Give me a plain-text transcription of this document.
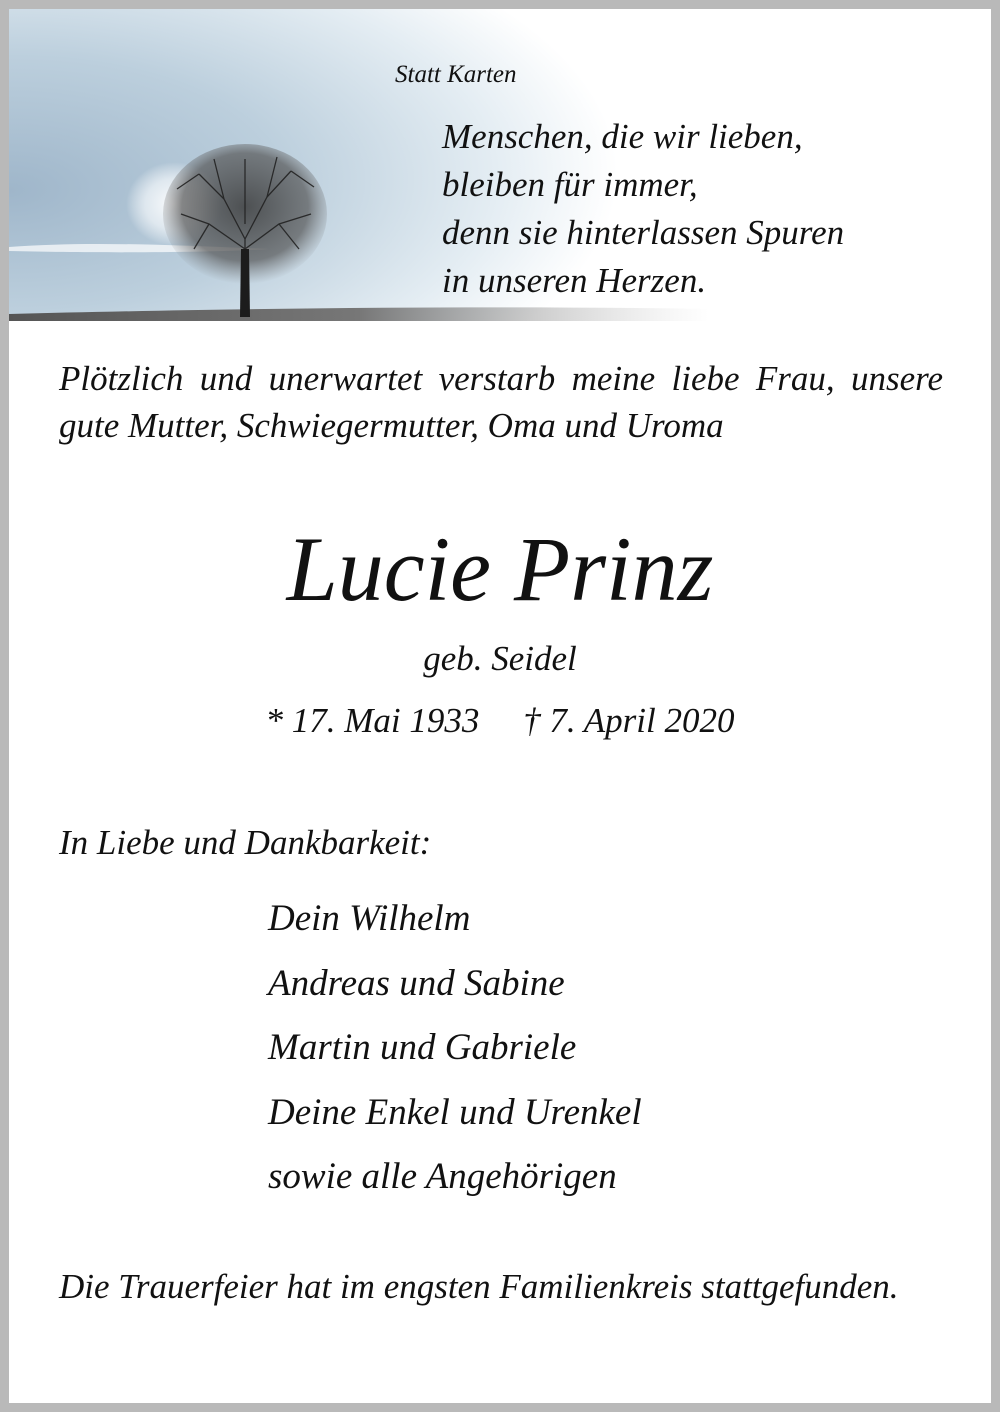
Statt Karten
Menschen, die wir lieben,
bleiben für immer,
denn sie hinterlassen Spuren
in unseren Herzen.
Plötzlich und unerwartet verstarb meine liebe Frau, unsere gute Mutter, Schwiegermutter, Oma und Uroma
Lucie Prinz
geb. Seidel
* 17. Mai 1933     † 7. April 2020
In Liebe und Dankbarkeit:
Dein Wilhelm
Andreas und Sabine
Martin und Gabriele
Deine Enkel und Urenkel
sowie alle Angehörigen
Die Trauerfeier hat im engsten Familienkreis stattgefunden.
